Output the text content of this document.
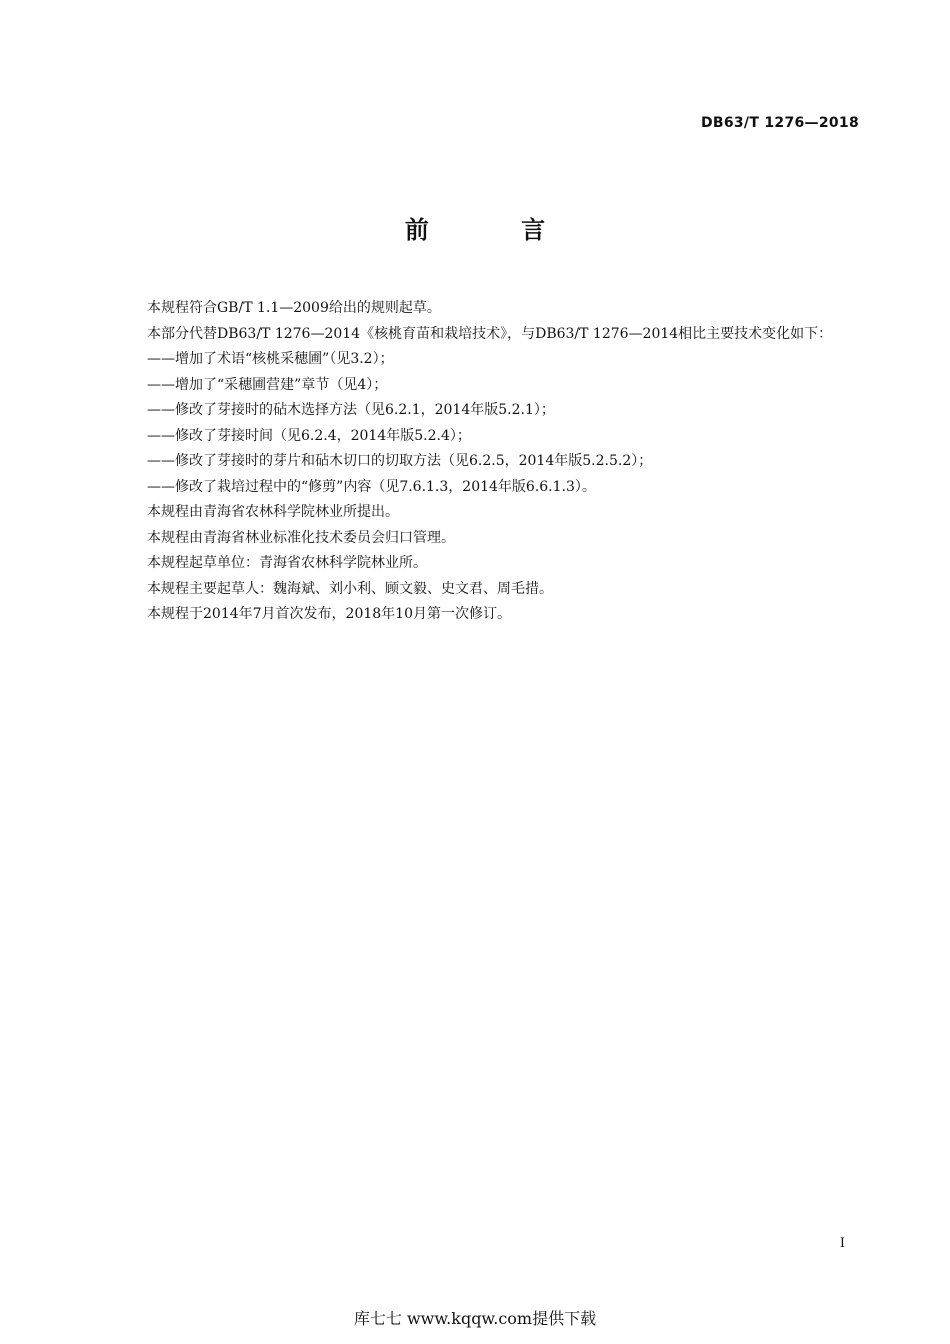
DB63/T 1276—2018
前 言

本规程符合GB/T 1.1—2009给出的规则起草。

本部分代替DB63/T 1276—2014《核桃育苗和栽培技术》，与DB63/T 1276—2014相比主要技术变化如下：

——增加了术语“核桃采穗圃”（见3.2）；

——增加了“采穗圃营建”章节（见4）；

——修改了芽接时的砧木选择方法（见6.2.1，2014年版5.2.1）；

——修改了芽接时间（见6.2.4，2014年版5.2.4）；

——修改了芽接时的芽片和砧木切口的切取方法（见6.2.5，2014年版5.2.5.2）；

——修改了栽培过程中的“修剪”内容（见7.6.1.3，2014年版6.6.1.3）。

本规程由青海省农林科学院林业所提出。

本规程由青海省林业标准化技术委员会归口管理。

本规程起草单位：青海省农林科学院林业所。

本规程主要起草人：魏海斌、刘小利、顾文毅、史文君、周毛措。

本规程于2014年7月首次发布，2018年10月第一次修订。

I
库七七 www.kqqw.com提供下载
